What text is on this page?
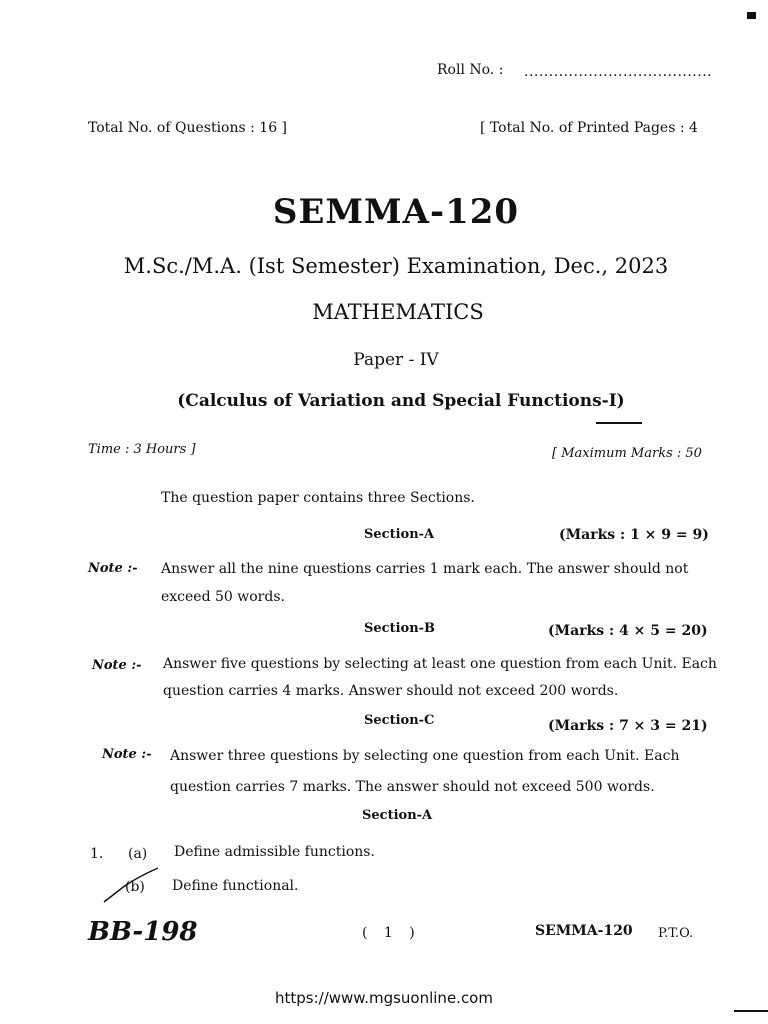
Roll No. : ......................................
Total No. of Questions : 16 ]	[ Total No. of Printed Pages : 4
SEMMA-120
M.Sc./M.A. (Ist Semester) Examination, Dec., 2023
MATHEMATICS
Paper - IV
(Calculus of Variation and Special Functions-I)
Time : 3 Hours ]	[ Maximum Marks : 50
The question paper contains three Sections.
Section-A	(Marks : 1 × 9 = 9)
Note :- Answer all the nine questions carries 1 mark each. The answer should not
exceed 50 words.
Section-B	(Marks : 4 × 5 = 20)
Note :- Answer five questions by selecting at least one question from each Unit. Each
question carries 4 marks. Answer should not exceed 200 words.
Section-C	(Marks : 7 × 3 = 21)
Note :- Answer three questions by selecting one question from each Unit. Each
question carries 7 marks. The answer should not exceed 500 words.
Section-A
1. (a) Define admissible functions.
(b) Define functional.
BB-198	( 1 )	SEMMA-120 P.T.O.
https://www.mgsuonline.com
